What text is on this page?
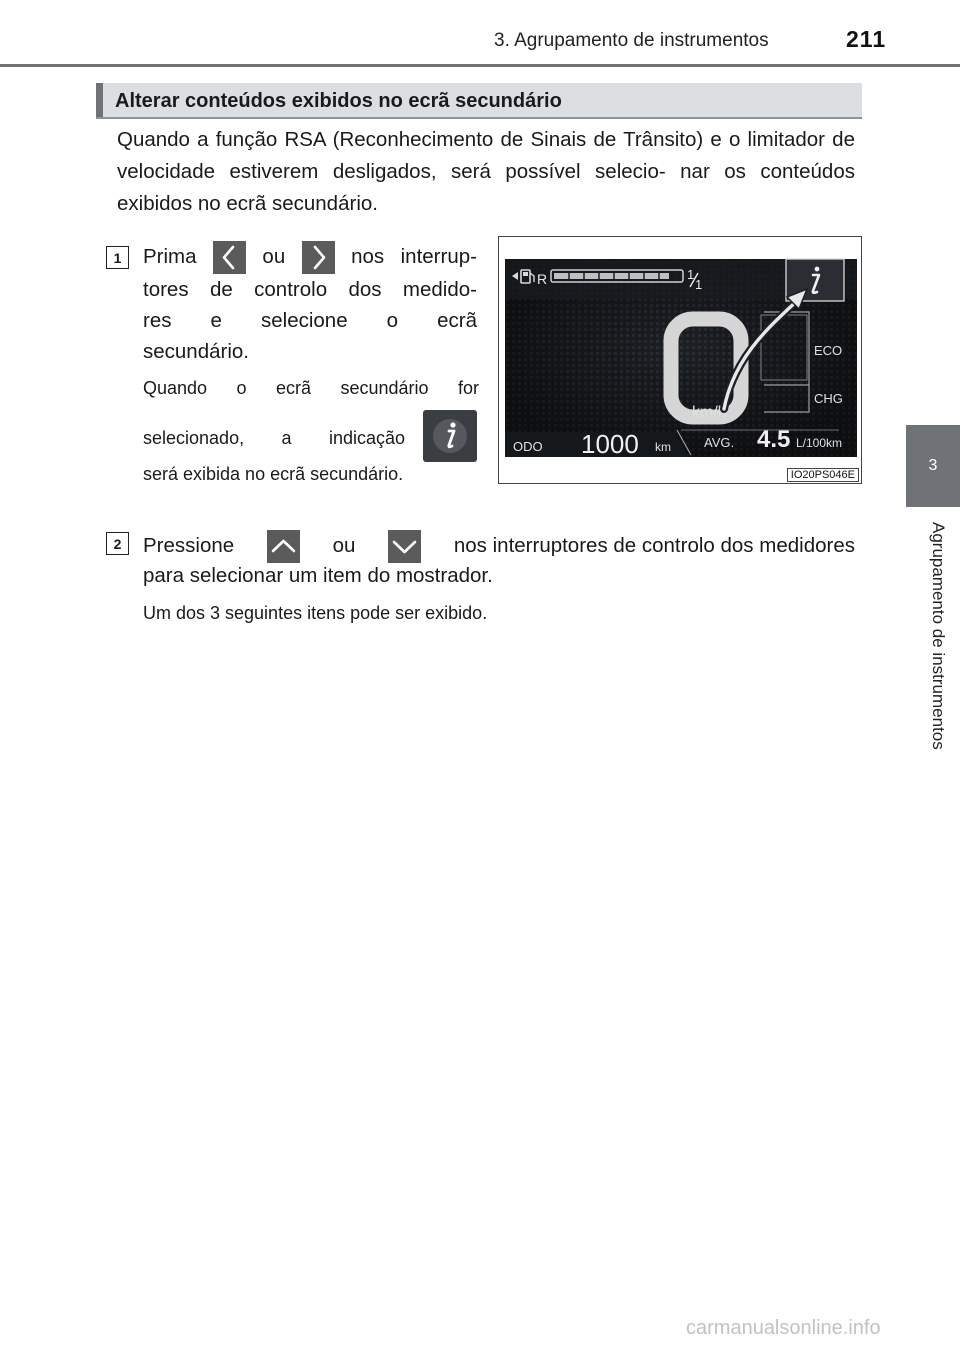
3. Agrupamento de instrumentos	211
3
Agrupamento de instrumentos
Alterar conteúdos exibidos no ecrã secundário
Quando a função RSA (Reconhecimento de Sinais de Trânsito) e o limitador de velocidade estiverem desligados, será possível selecio- nar os conteúdos exibidos no ecrã secundário.
1	Prima	ou	nos interrup-
tores de controlo dos medido-
res e selecione o ecrã
secundário.
Quando o ecrã secundário for
selecionado, a indicação
será exibida no ecrã secundário.
R	1
1
0
km/h
ECO
CHG
ODO 1000 km	AVG. 4.5 L/100km
IO20PS046E
2	Pressione	ou	nos interruptores de controlo dos medidores
para selecionar um item do mostrador.
Um dos 3 seguintes itens pode ser exibido.
carmanualsonline.info
